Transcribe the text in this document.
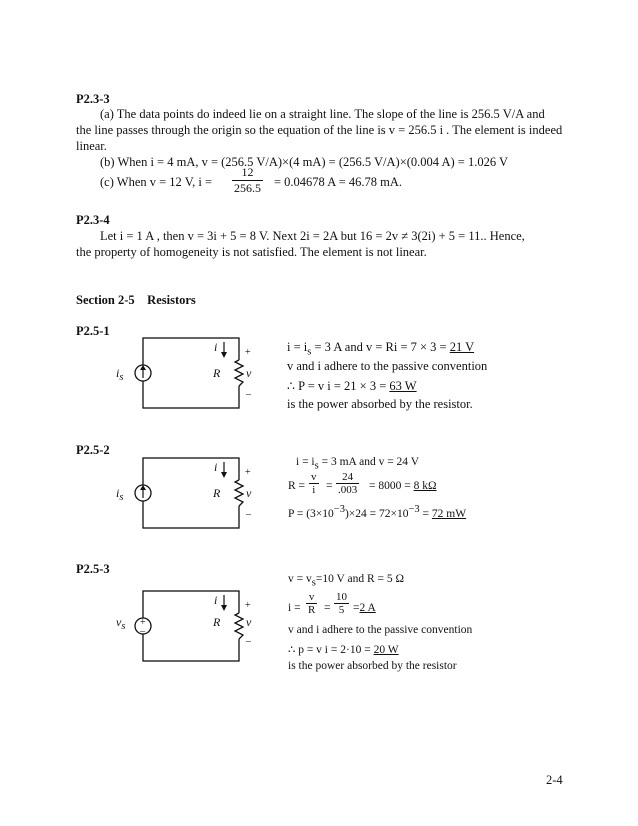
P2.3-3
(a) The data points do indeed lie on a straight line. The slope of the line is 256.5 V/A and
the line passes through the origin so the equation of the line is v = 256.5 i . The element is indeed
linear.
(b) When i = 4 mA, v = (256.5 V/A)×(4 mA) = (256.5 V/A)×(0.004 A) = 1.026 V
(c) When v = 12 V, $i = \frac{12}{256.5} = 0.04678$ A = 46.78 mA.
P2.3-4
Let i = 1 A , then v = 3i + 5 = 8 V. Next 2i = 2A but 16 = 2v ≠ 3(2i) + 5 = 11.. Hence,
the property of homogeneity is not satisfied. The element is not linear.
Section 2-5    Resistors
P2.5-1
is
i
R
+
v
–
$i = i_s = 3$ A and v = Ri = 7 × 3 = 21 V
v and i adhere to the passive convention
∴ P = v i = 21 × 3 = 63 W
is the power absorbed by the resistor.
P2.5-2
is
i
R
+
v
–
$i = i_s = 3$ mA and v = 24 V
$R = \frac{v}{i} = \frac{24}{.003} = 8000 = 8$ kΩ
$P = (3\times 10^{-3})\times 24 = 72\times 10^{-3} = 72$ mW
P2.5-3
+
–
vs
i
R
+
v
–
$v = v_s=10$ V and R = 5 Ω
$i = \frac{v}{R} = \frac{10}{5} =2$ A
v and i adhere to the passive convention
∴ p = v i = 2·10 = 20 W
is the power absorbed by the resistor
2-4
